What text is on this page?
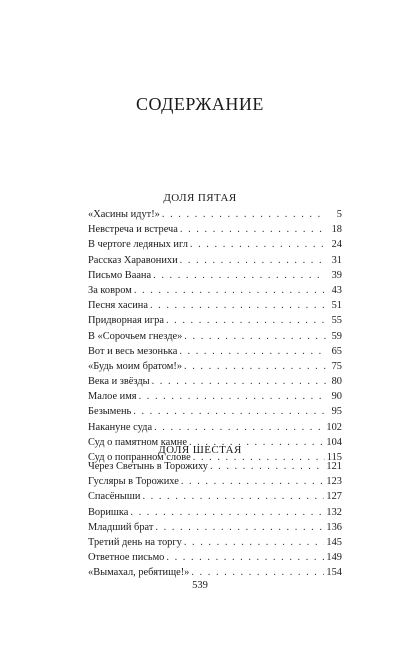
СОДЕРЖАНИЕ
ДОЛЯ ПЯТАЯ
«Хасины идут!» . . .	5
Невстреча и встреча . . .	18
В чертоге ледяных игл . . .	24
Рассказ Харавонихи . . .	31
Письмо Ваана . . .	39
За ковром . . .	43
Песня хасина . . .	51
Придворная игра . . .	55
В «Сорочьем гнезде» . . .	59
Вот и весь мезонька . . .	65
«Будь моим братом!» . . .	75
Века и звёзды . . .	80
Малое имя . . .	90
Безымень . . .	95
Накануне суда . . .	102
Суд о памятном камне . . .	104
Суд о попранном слове . . .	115
ДОЛЯ ШЕСТАЯ
Через Светынь в Торожиху . . .	121
Гусляры в Торожихе . . .	123
Спасёныши . . .	127
Воришка . . .	132
Младший брат . . .	136
Третий день на торгу . . .	145
Ответное письмо . . .	149
«Вымахал, ребятище!» . . .	154
539
